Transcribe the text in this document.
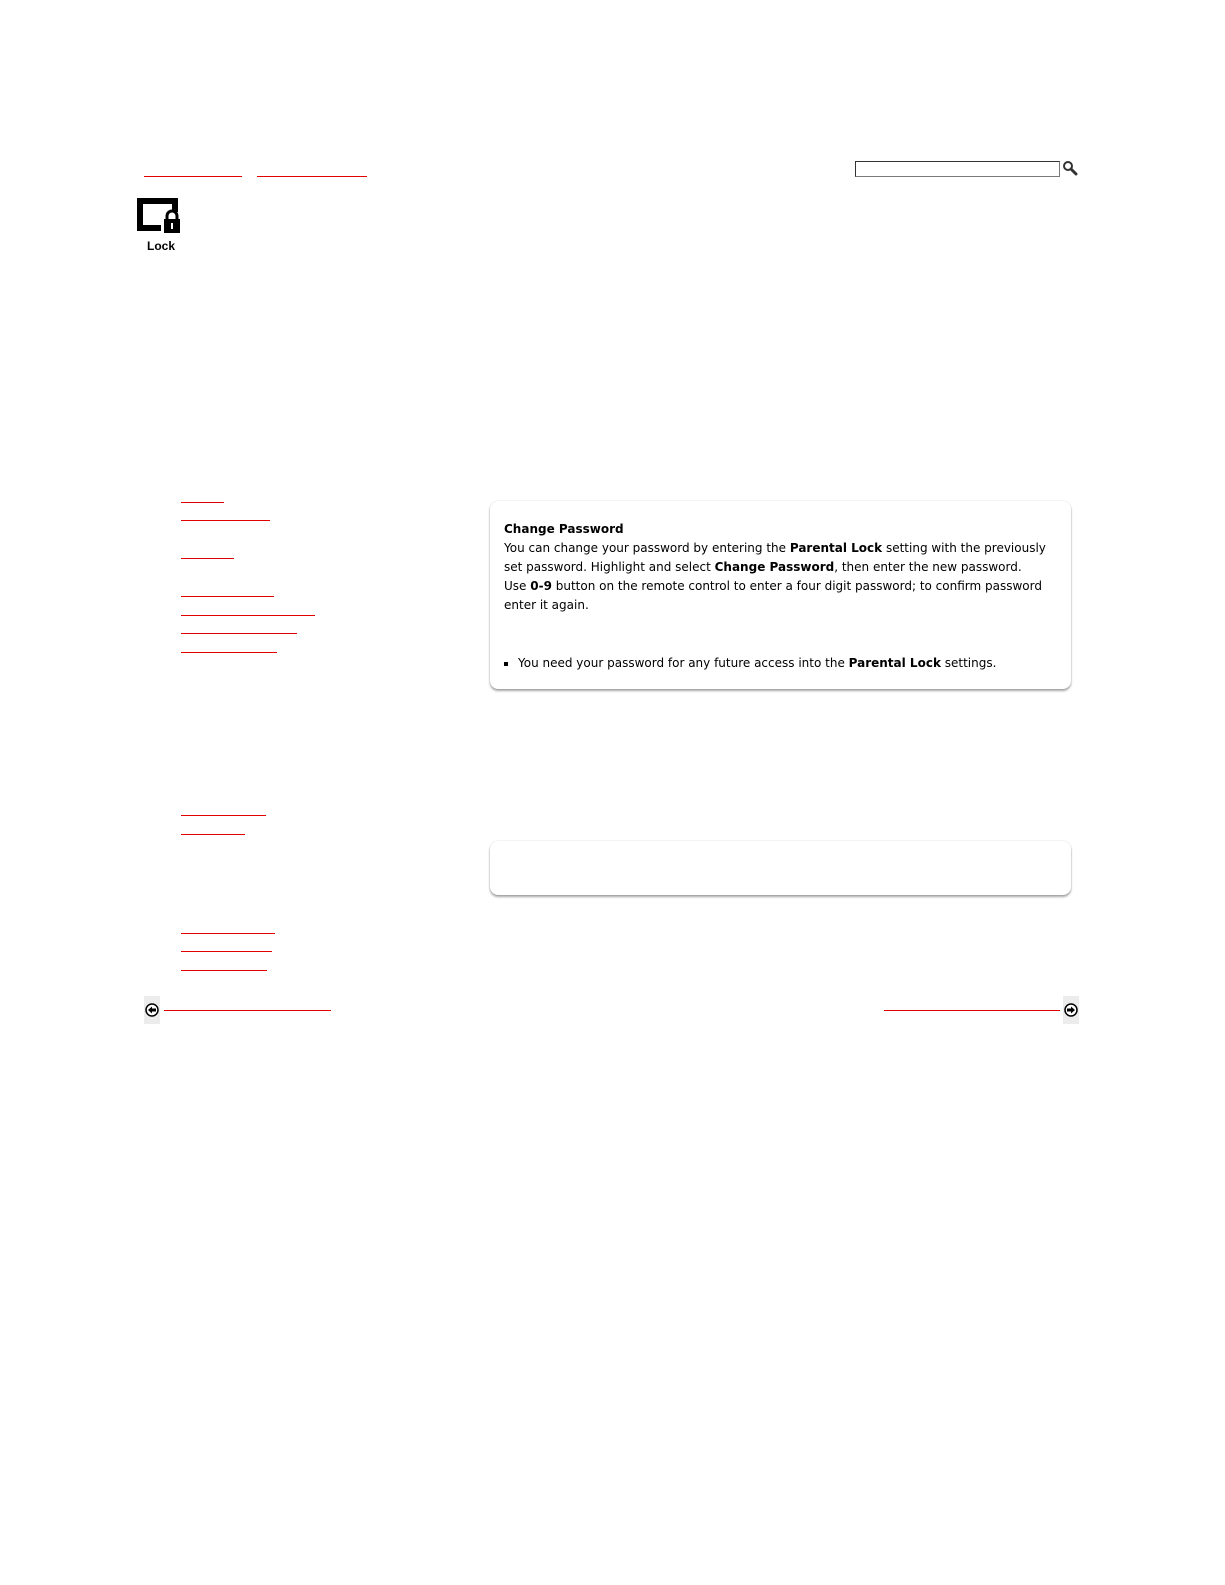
Lock
Change Password
You can change your password by entering the Parental Lock setting with the previously
set password. Highlight and select Change Password, then enter the new password.
Use 0-9 button on the remote control to enter a four digit password; to confirm password
enter it again.
You need your password for any future access into the Parental Lock settings.
